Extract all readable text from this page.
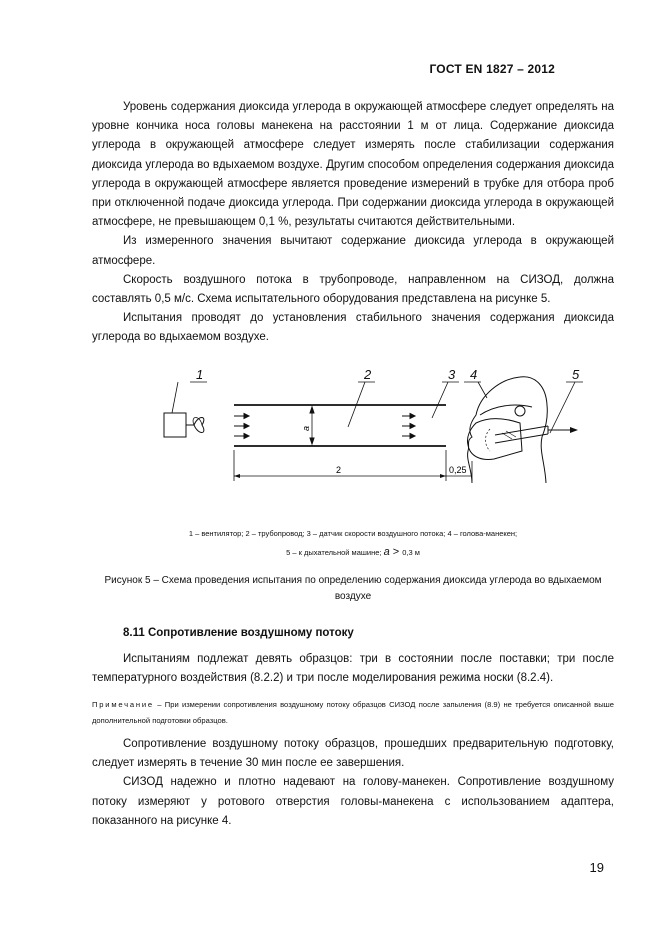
ГОСТ EN 1827 – 2012

Уровень содержания диоксида углерода в окружающей атмосфере следует определять на уровне кончика носа головы манекена на расстоянии 1 м от лица. Содержание диоксида углерода в окружающей атмосфере следует измерять после стабилизации содержания диоксида углерода во вдыхаемом воздухе. Другим способом определения содержания диоксида углерода в окружающей атмосфере является проведение измерений в трубке для отбора проб при отключенной подаче диоксида углерода. При содержании диоксида углерода в окружающей атмосфере, не превышающем 0,1 %, результаты считаются действительными.

Из измеренного значения вычитают содержание диоксида углерода в окружающей атмосфере.

Скорость воздушного потока в трубопроводе, направленном на СИЗОД, должна составлять 0,5 м/с. Схема испытательного оборудования представлена на рисунке 5.

Испытания проводят до установления стабильного значения содержания диоксида углерода во вдыхаемом воздухе.

1	2	3 4	5
a
2	0,25
1 – вентилятор; 2 – трубопровод; 3 – датчик скорости воздушного потока; 4 – голова-манекен;
5 – к дыхательной машине; a > 0,3 м
Рисунок 5 – Схема проведения испытания по определению содержания диоксида углерода во вдыхаемом воздухе
8.11 Сопротивление воздушному потоку

Испытаниям подлежат девять образцов: три в состоянии после поставки; три после температурного воздействия (8.2.2) и три после моделирования режима носки (8.2.4).

Примечание – При измерении сопротивления воздушному потоку образцов СИЗОД после запыления (8.9) не требуется описанной выше дополнительной подготовки образцов.

Сопротивление воздушному потоку образцов, прошедших предварительную подготовку, следует измерять в течение 30 мин после ее завершения.

СИЗОД надежно и плотно надевают на голову-манекен. Сопротивление воздушному потоку измеряют у ротового отверстия головы-манекена с использованием адаптера, показанного на рисунке 4.

19
